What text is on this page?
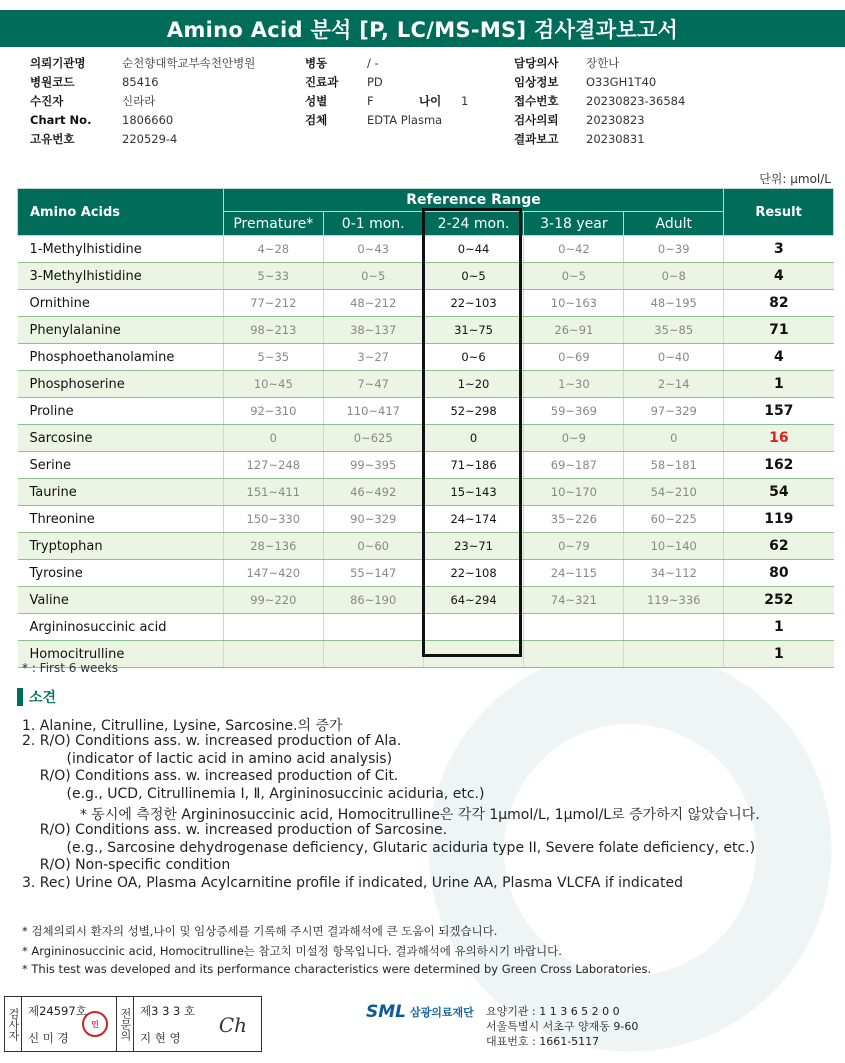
Amino Acid 분석 [P, LC/MS-MS] 검사결과보고서
의뢰기관명	순천향대학교부속천안병원
병원코드	85416
수진자	신라라
Chart No.	1806660
고유번호	220529-4
병동	/ -
진료과	PD
성별	F	나이	1
검체	EDTA Plasma
담당의사	장한나
임상정보	O33GH1T40
접수번호	20230823-36584
검사의뢰	20230823
결과보고	20230831
단위: μmol/L
Amino Acids	Reference Range					Result
	Premature*	0-1 mon.	2-24 mon.	3-18 year	Adult	
1-Methylhistidine	4~28	0~43	0~44	0~42	0~39	3
3-Methylhistidine	5~33	0~5	0~5	0~5	0~8	4
Ornithine	77~212	48~212	22~103	10~163	48~195	82
Phenylalanine	98~213	38~137	31~75	26~91	35~85	71
Phosphoethanolamine	5~35	3~27	0~6	0~69	0~40	4
Phosphoserine	10~45	7~47	1~20	1~30	2~14	1
Proline	92~310	110~417	52~298	59~369	97~329	157
Sarcosine	0	0~625	0	0~9	0	16
Serine	127~248	99~395	71~186	69~187	58~181	162
Taurine	151~411	46~492	15~143	10~170	54~210	54
Threonine	150~330	90~329	24~174	35~226	60~225	119
Tryptophan	28~136	0~60	23~71	0~79	10~140	62
Tyrosine	147~420	55~147	22~108	24~115	34~112	80
Valine	99~220	86~190	64~294	74~321	119~336	252
Argininosuccinic acid						1
Homocitrulline						1
* : First 6 weeks
소견
1. Alanine, Citrulline, Lysine, Sarcosine.의 증가
2. R/O) Conditions ass. w. increased production of Ala.
(indicator of lactic acid in amino acid analysis)
R/O) Conditions ass. w. increased production of Cit.
(e.g., UCD, Citrullinemia Ⅰ, Ⅱ, Argininosuccinic aciduria, etc.)
* 동시에 측정한 Argininosuccinic acid, Homocitrulline은 각각 1μmol/L, 1μmol/L로 증가하지 않았습니다.
R/O) Conditions ass. w. increased production of Sarcosine.
(e.g., Sarcosine dehydrogenase deficiency, Glutaric aciduria type II, Severe folate deficiency, etc.)
R/O) Non-specific condition
3. Rec) Urine OA, Plasma Acylcarnitine profile if indicated, Urine AA, Plasma VLCFA if indicated
* 검체의뢰시 환자의 성별,나이 및 임상증세를 기록해 주시면 결과해석에 큰 도움이 되겠습니다.
* Argininosuccinic acid, Homocitrulline는 참고치 미설정 항목입니다. 결과해석에 유의하시기 바랍니다.
* This test was developed and its performance characteristics were determined by Green Cross Laboratories.
검사자 제24597호
신 미 경
인	전문의 제3 3 3 호
지 현 영
Ch
SML 삼광의료재단 요양기관 : 1 1 3 6 5 2 0 0
서울특별시 서초구 양재동 9-60
대표번호 : 1661-5117
